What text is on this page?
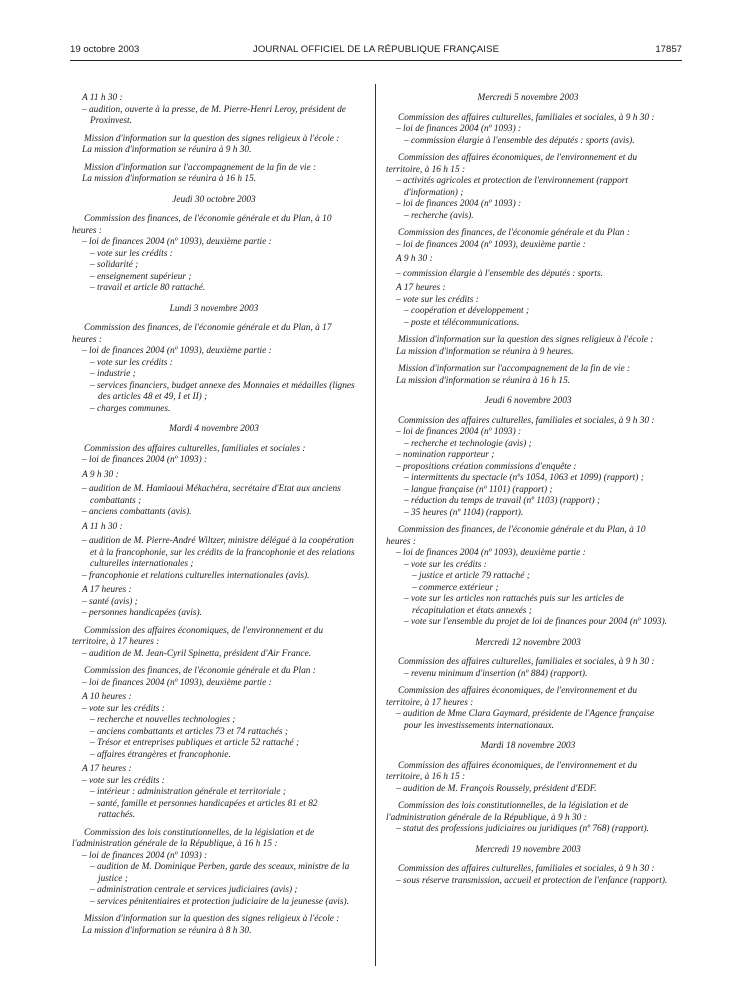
19 octobre 2003	JOURNAL OFFICIEL DE LA RÉPUBLIQUE FRANÇAISE	17857

A 11 h 30 :

– audition, ouverte à la presse, de M. Pierre-Henri Leroy, président de Proxinvest.

Mission d'information sur la question des signes religieux à l'école :

La mission d'information se réunira à 9 h 30.

Mission d'information sur l'accompagnement de la fin de vie :

La mission d'information se réunira à 16 h 15.

Jeudi 30 octobre 2003

Commission des finances, de l'économie générale et du Plan, à 10 heures :

– loi de finances 2004 (nº 1093), deuxième partie :

– vote sur les crédits :

– solidarité ;

– enseignement supérieur ;

– travail et article 80 rattaché.

Lundi 3 novembre 2003

Commission des finances, de l'économie générale et du Plan, à 17 heures :

– loi de finances 2004 (nº 1093), deuxième partie :

– vote sur les crédits :

– industrie ;

– services financiers, budget annexe des Monnaies et médailles (lignes des articles 48 et 49, I et II) ;

– charges communes.

Mardi 4 novembre 2003

Commission des affaires culturelles, familiales et sociales :

– loi de finances 2004 (nº 1093) :

A 9 h 30 :

– audition de M. Hamlaoui Mékachéra, secrétaire d'Etat aux anciens combattants ;

– anciens combattants (avis).

A 11 h 30 :

– audition de M. Pierre-André Wiltzer, ministre délégué à la coopération et à la francophonie, sur les crédits de la francophonie et des relations culturelles internationales ;

– francophonie et relations culturelles internationales (avis).

A 17 heures :

– santé (avis) ;

– personnes handicapées (avis).

Commission des affaires économiques, de l'environnement et du territoire, à 17 heures :

– audition de M. Jean-Cyril Spinetta, président d'Air France.

Commission des finances, de l'économie générale et du Plan :

– loi de finances 2004 (nº 1093), deuxième partie :

A 10 heures :

– vote sur les crédits :

– recherche et nouvelles technologies ;

– anciens combattants et articles 73 et 74 rattachés ;

– Trésor et entreprises publiques et article 52 rattaché ;

– affaires étrangères et francophonie.

A 17 heures :

– vote sur les crédits :

– intérieur : administration générale et territoriale ;

– santé, famille et personnes handicapées et articles 81 et 82 rattachés.

Commission des lois constitutionnelles, de la législation et de l'administration générale de la République, à 16 h 15 :

– loi de finances 2004 (nº 1093) :

– audition de M. Dominique Perben, garde des sceaux, ministre de la justice ;

– administration centrale et services judiciaires (avis) ;

– services pénitentiaires et protection judiciaire de la jeunesse (avis).

Mission d'information sur la question des signes religieux à l'école :

La mission d'information se réunira à 8 h 30.

Mercredi 5 novembre 2003

Commission des affaires culturelles, familiales et sociales, à 9 h 30 :

– loi de finances 2004 (nº 1093) :

– commission élargie à l'ensemble des députés : sports (avis).

Commission des affaires économiques, de l'environnement et du territoire, à 16 h 15 :

– activités agricoles et protection de l'environnement (rapport d'information) ;

– loi de finances 2004 (nº 1093) :

– recherche (avis).

Commission des finances, de l'économie générale et du Plan :

– loi de finances 2004 (nº 1093), deuxième partie :

A 9 h 30 :

– commission élargie à l'ensemble des députés : sports.

A 17 heures :

– vote sur les crédits :

– coopération et développement ;

– poste et télécommunications.

Mission d'information sur la question des signes religieux à l'école :

La mission d'information se réunira à 9 heures.

Mission d'information sur l'accompagnement de la fin de vie :

La mission d'information se réunira à 16 h 15.

Jeudi 6 novembre 2003

Commission des affaires culturelles, familiales et sociales, à 9 h 30 :

– loi de finances 2004 (nº 1093) :

– recherche et technologie (avis) ;

– nomination rapporteur ;

– propositions création commissions d'enquête :

– intermittents du spectacle (nºs 1054, 1063 et 1099) (rapport) ;

– langue française (nº 1101) (rapport) ;

– réduction du temps de travail (nº 1103) (rapport) ;

– 35 heures (nº 1104) (rapport).

Commission des finances, de l'économie générale et du Plan, à 10 heures :

– loi de finances 2004 (nº 1093), deuxième partie :

– vote sur les crédits :

– justice et article 79 rattaché ;

– commerce extérieur ;

– vote sur les articles non rattachés puis sur les articles de récapitulation et états annexés ;

– vote sur l'ensemble du projet de loi de finances pour 2004 (nº 1093).

Mercredi 12 novembre 2003

Commission des affaires culturelles, familiales et sociales, à 9 h 30 :

– revenu minimum d'insertion (nº 884) (rapport).

Commission des affaires économiques, de l'environnement et du territoire, à 17 heures :

– audition de Mme Clara Gaymard, présidente de l'Agence française pour les investissements internationaux.

Mardi 18 novembre 2003

Commission des affaires économiques, de l'environnement et du territoire, à 16 h 15 :

– audition de M. François Roussely, président d'EDF.

Commission des lois constitutionnelles, de la législation et de l'administration générale de la République, à 9 h 30 :

– statut des professions judiciaires ou juridiques (nº 768) (rapport).

Mercredi 19 novembre 2003

Commission des affaires culturelles, familiales et sociales, à 9 h 30 :

– sous réserve transmission, accueil et protection de l'enfance (rapport).
